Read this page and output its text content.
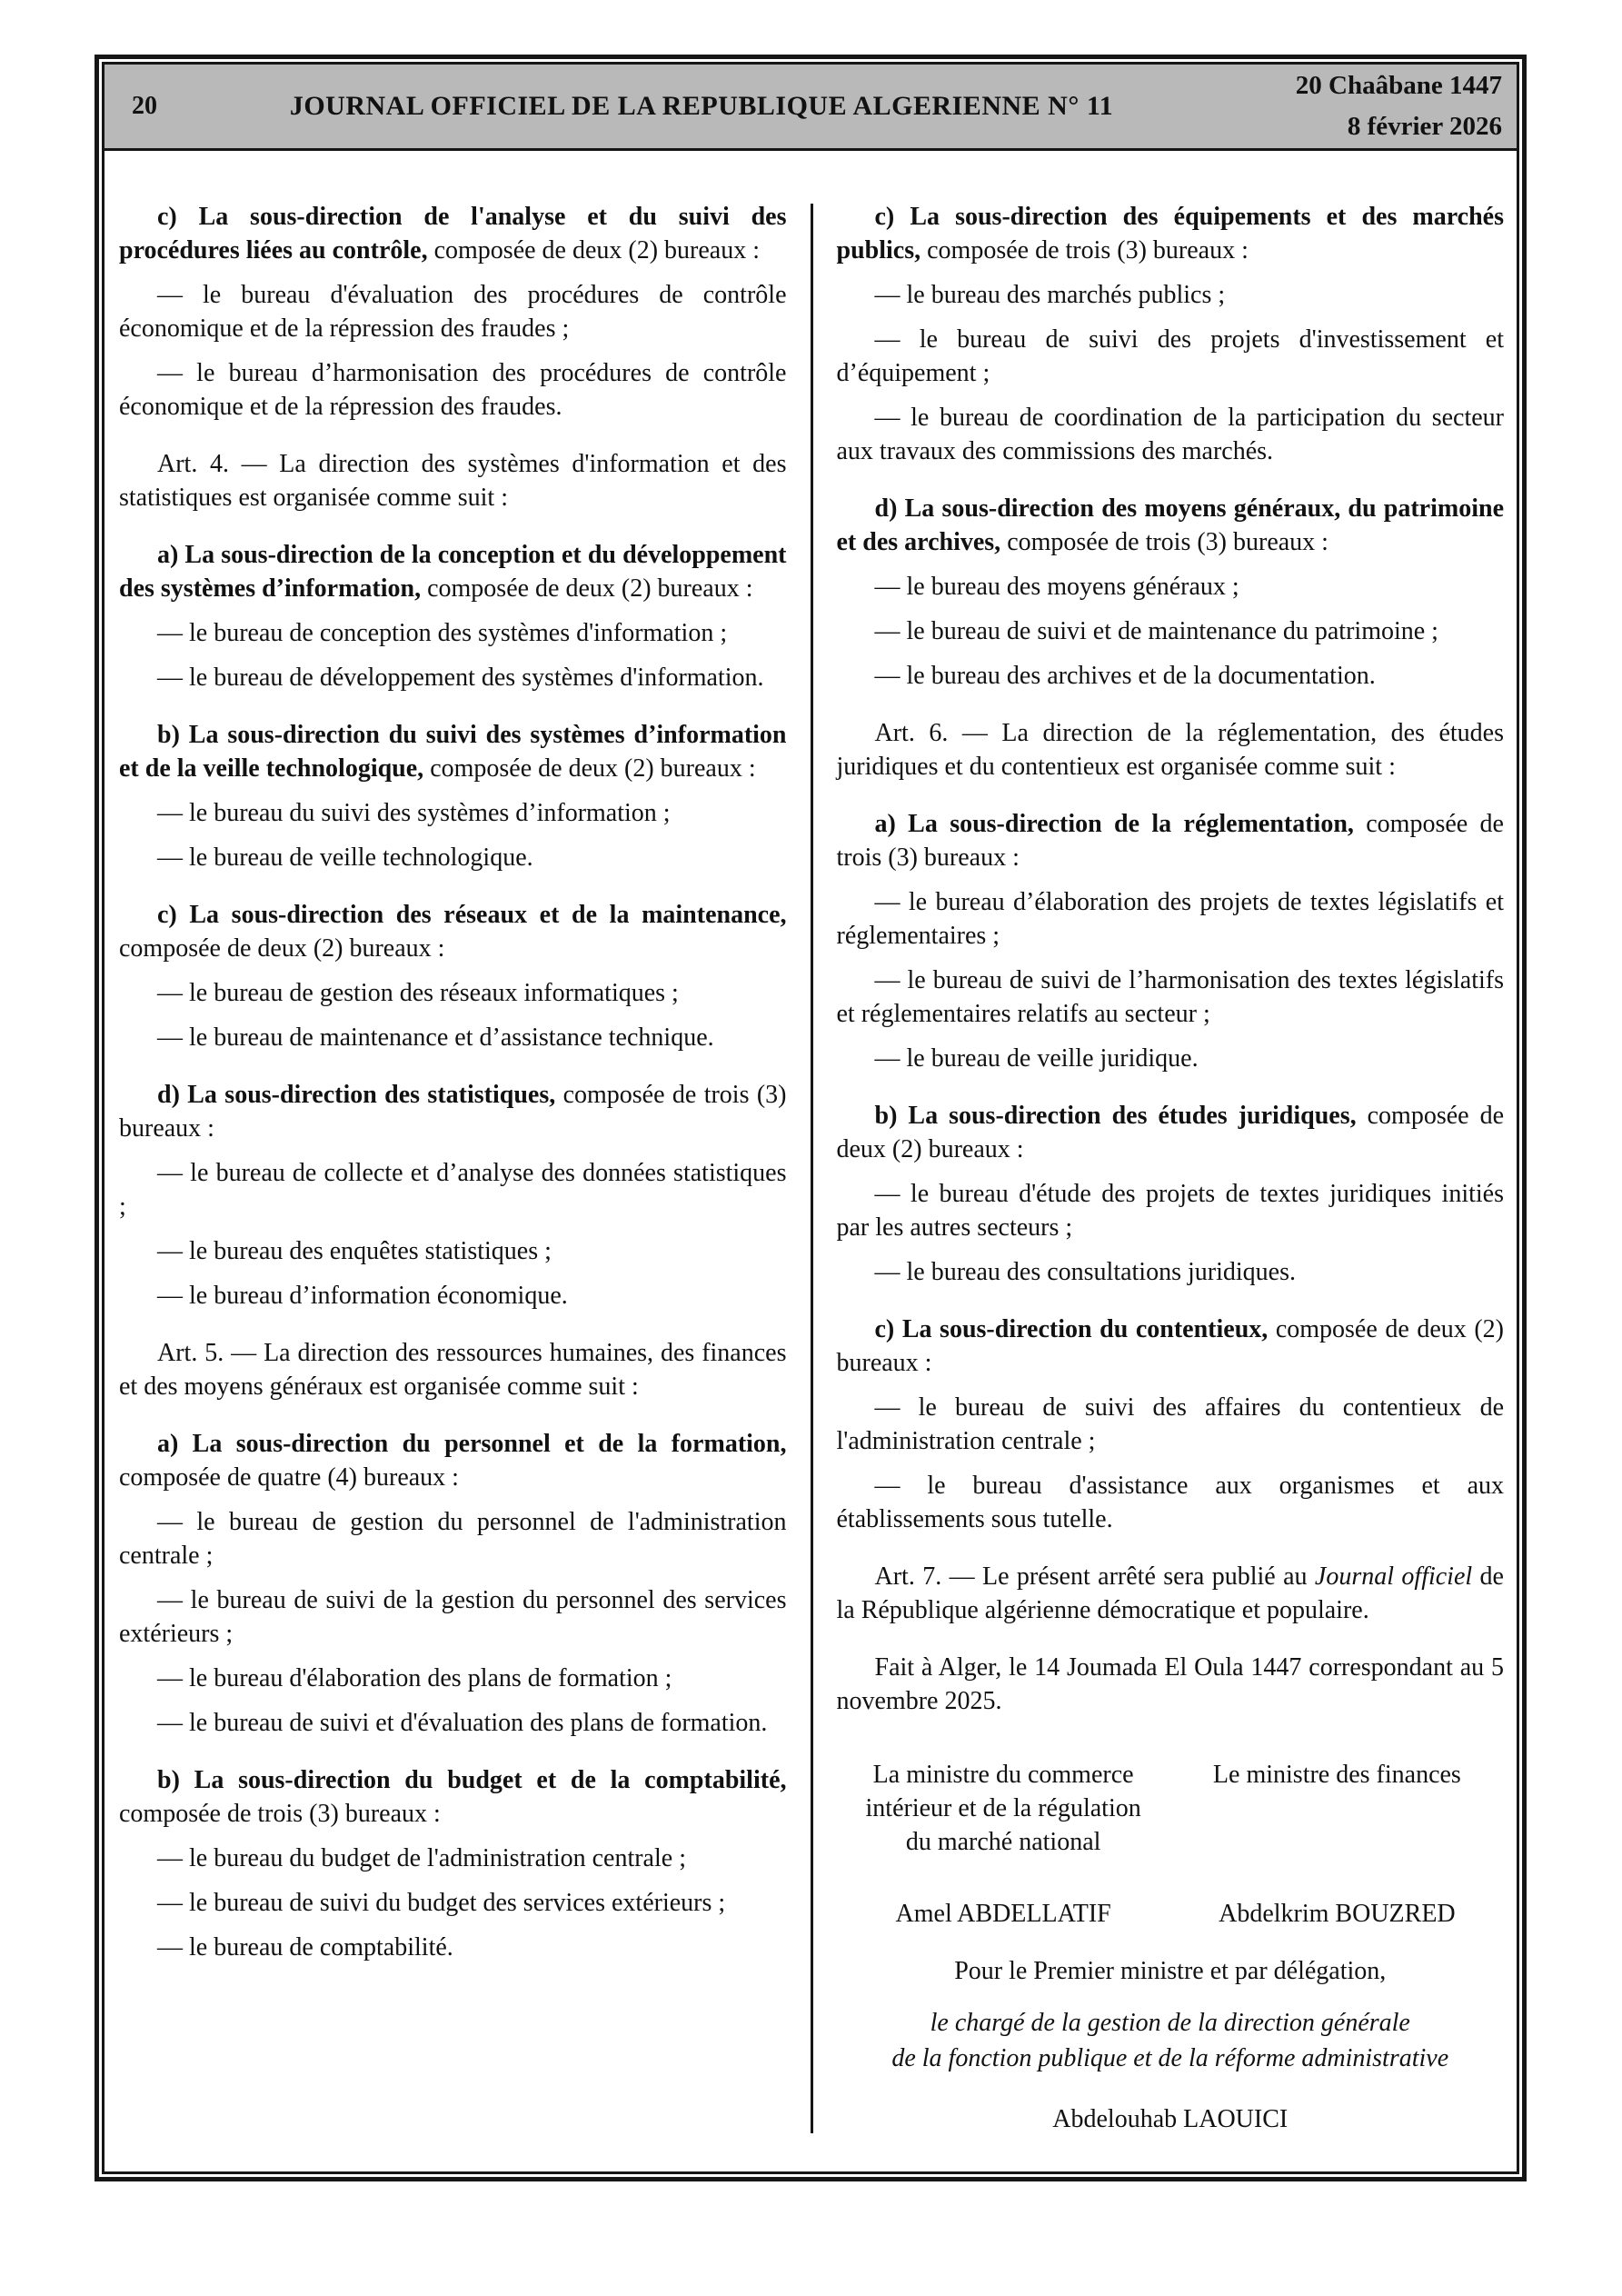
20	JOURNAL OFFICIEL DE LA REPUBLIQUE ALGERIENNE N° 11
20 Chaâbane 1447
8 février 2026

c) La sous-direction de l'analyse et du suivi des procédures liées au contrôle, composée de deux (2) bureaux :

— le bureau d'évaluation des procédures de contrôle économique et de la répression des fraudes ;

— le bureau d’harmonisation des procédures de contrôle économique et de la répression des fraudes.

Art. 4. — La direction des systèmes d'information et des statistiques est organisée comme suit :

a) La sous-direction de la conception et du développement des systèmes d’information, composée de deux (2) bureaux :

— le bureau de conception des systèmes d'information ;

— le bureau de développement des systèmes d'information.

b) La sous-direction du suivi des systèmes d’information et de la veille technologique, composée de deux (2) bureaux :

— le bureau du suivi des systèmes d’information ;

— le bureau de veille technologique.

c) La sous-direction des réseaux et de la maintenance, composée de deux (2) bureaux :

— le bureau de gestion des réseaux informatiques ;

— le bureau de maintenance et d’assistance technique.

d) La sous-direction des statistiques, composée de trois (3) bureaux :

— le bureau de collecte et d’analyse des données statistiques ;

— le bureau des enquêtes statistiques ;

— le bureau d’information économique.

Art. 5. — La direction des ressources humaines, des finances et des moyens généraux est organisée comme suit :

a) La sous-direction du personnel et de la formation, composée de quatre (4) bureaux :

— le bureau de gestion du personnel de l'administration centrale ;

— le bureau de suivi de la gestion du personnel des services extérieurs ;

— le bureau d'élaboration des plans de formation ;

— le bureau de suivi et d'évaluation des plans de formation.

b) La sous-direction du budget et de la comptabilité, composée de trois (3) bureaux :

— le bureau du budget de l'administration centrale ;

— le bureau de suivi du budget des services extérieurs ;

— le bureau de comptabilité.

c) La sous-direction des équipements et des marchés publics, composée de trois (3) bureaux :

— le bureau des marchés publics ;

— le bureau de suivi des projets d'investissement et d’équipement ;

— le bureau de coordination de la participation du secteur aux travaux des commissions des marchés.

d) La sous-direction des moyens généraux, du patrimoine et des archives, composée de trois (3) bureaux :

— le bureau des moyens généraux ;

— le bureau de suivi et de maintenance du patrimoine ;

— le bureau des archives et de la documentation.

Art. 6. — La direction de la réglementation, des études juridiques et du contentieux est organisée comme suit :

a) La sous-direction de la réglementation, composée de trois (3) bureaux :

— le bureau d’élaboration des projets de textes législatifs et réglementaires ;

— le bureau de suivi de l’harmonisation des textes législatifs et réglementaires relatifs au secteur ;

— le bureau de veille juridique.

b) La sous-direction des études juridiques, composée de deux (2) bureaux :

— le bureau d'étude des projets de textes juridiques initiés par les autres secteurs ;

— le bureau des consultations juridiques.

c) La sous-direction du contentieux, composée de deux (2) bureaux :

— le bureau de suivi des affaires du contentieux de l'administration centrale ;

— le bureau d'assistance aux organismes et aux établissements sous tutelle.

Art. 7. — Le présent arrêté sera publié au Journal officiel de la République algérienne démocratique et populaire.

Fait à Alger, le 14 Joumada El Oula 1447 correspondant au 5 novembre 2025.

La ministre du commerce
intérieur et de la régulation
du marché national
Le ministre des finances
Amel ABDELLATIF	Abdelkrim BOUZRED

Pour le Premier ministre et par délégation,

le chargé de la gestion de la direction générale

de la fonction publique et de la réforme administrative

Abdelouhab LAOUICI
